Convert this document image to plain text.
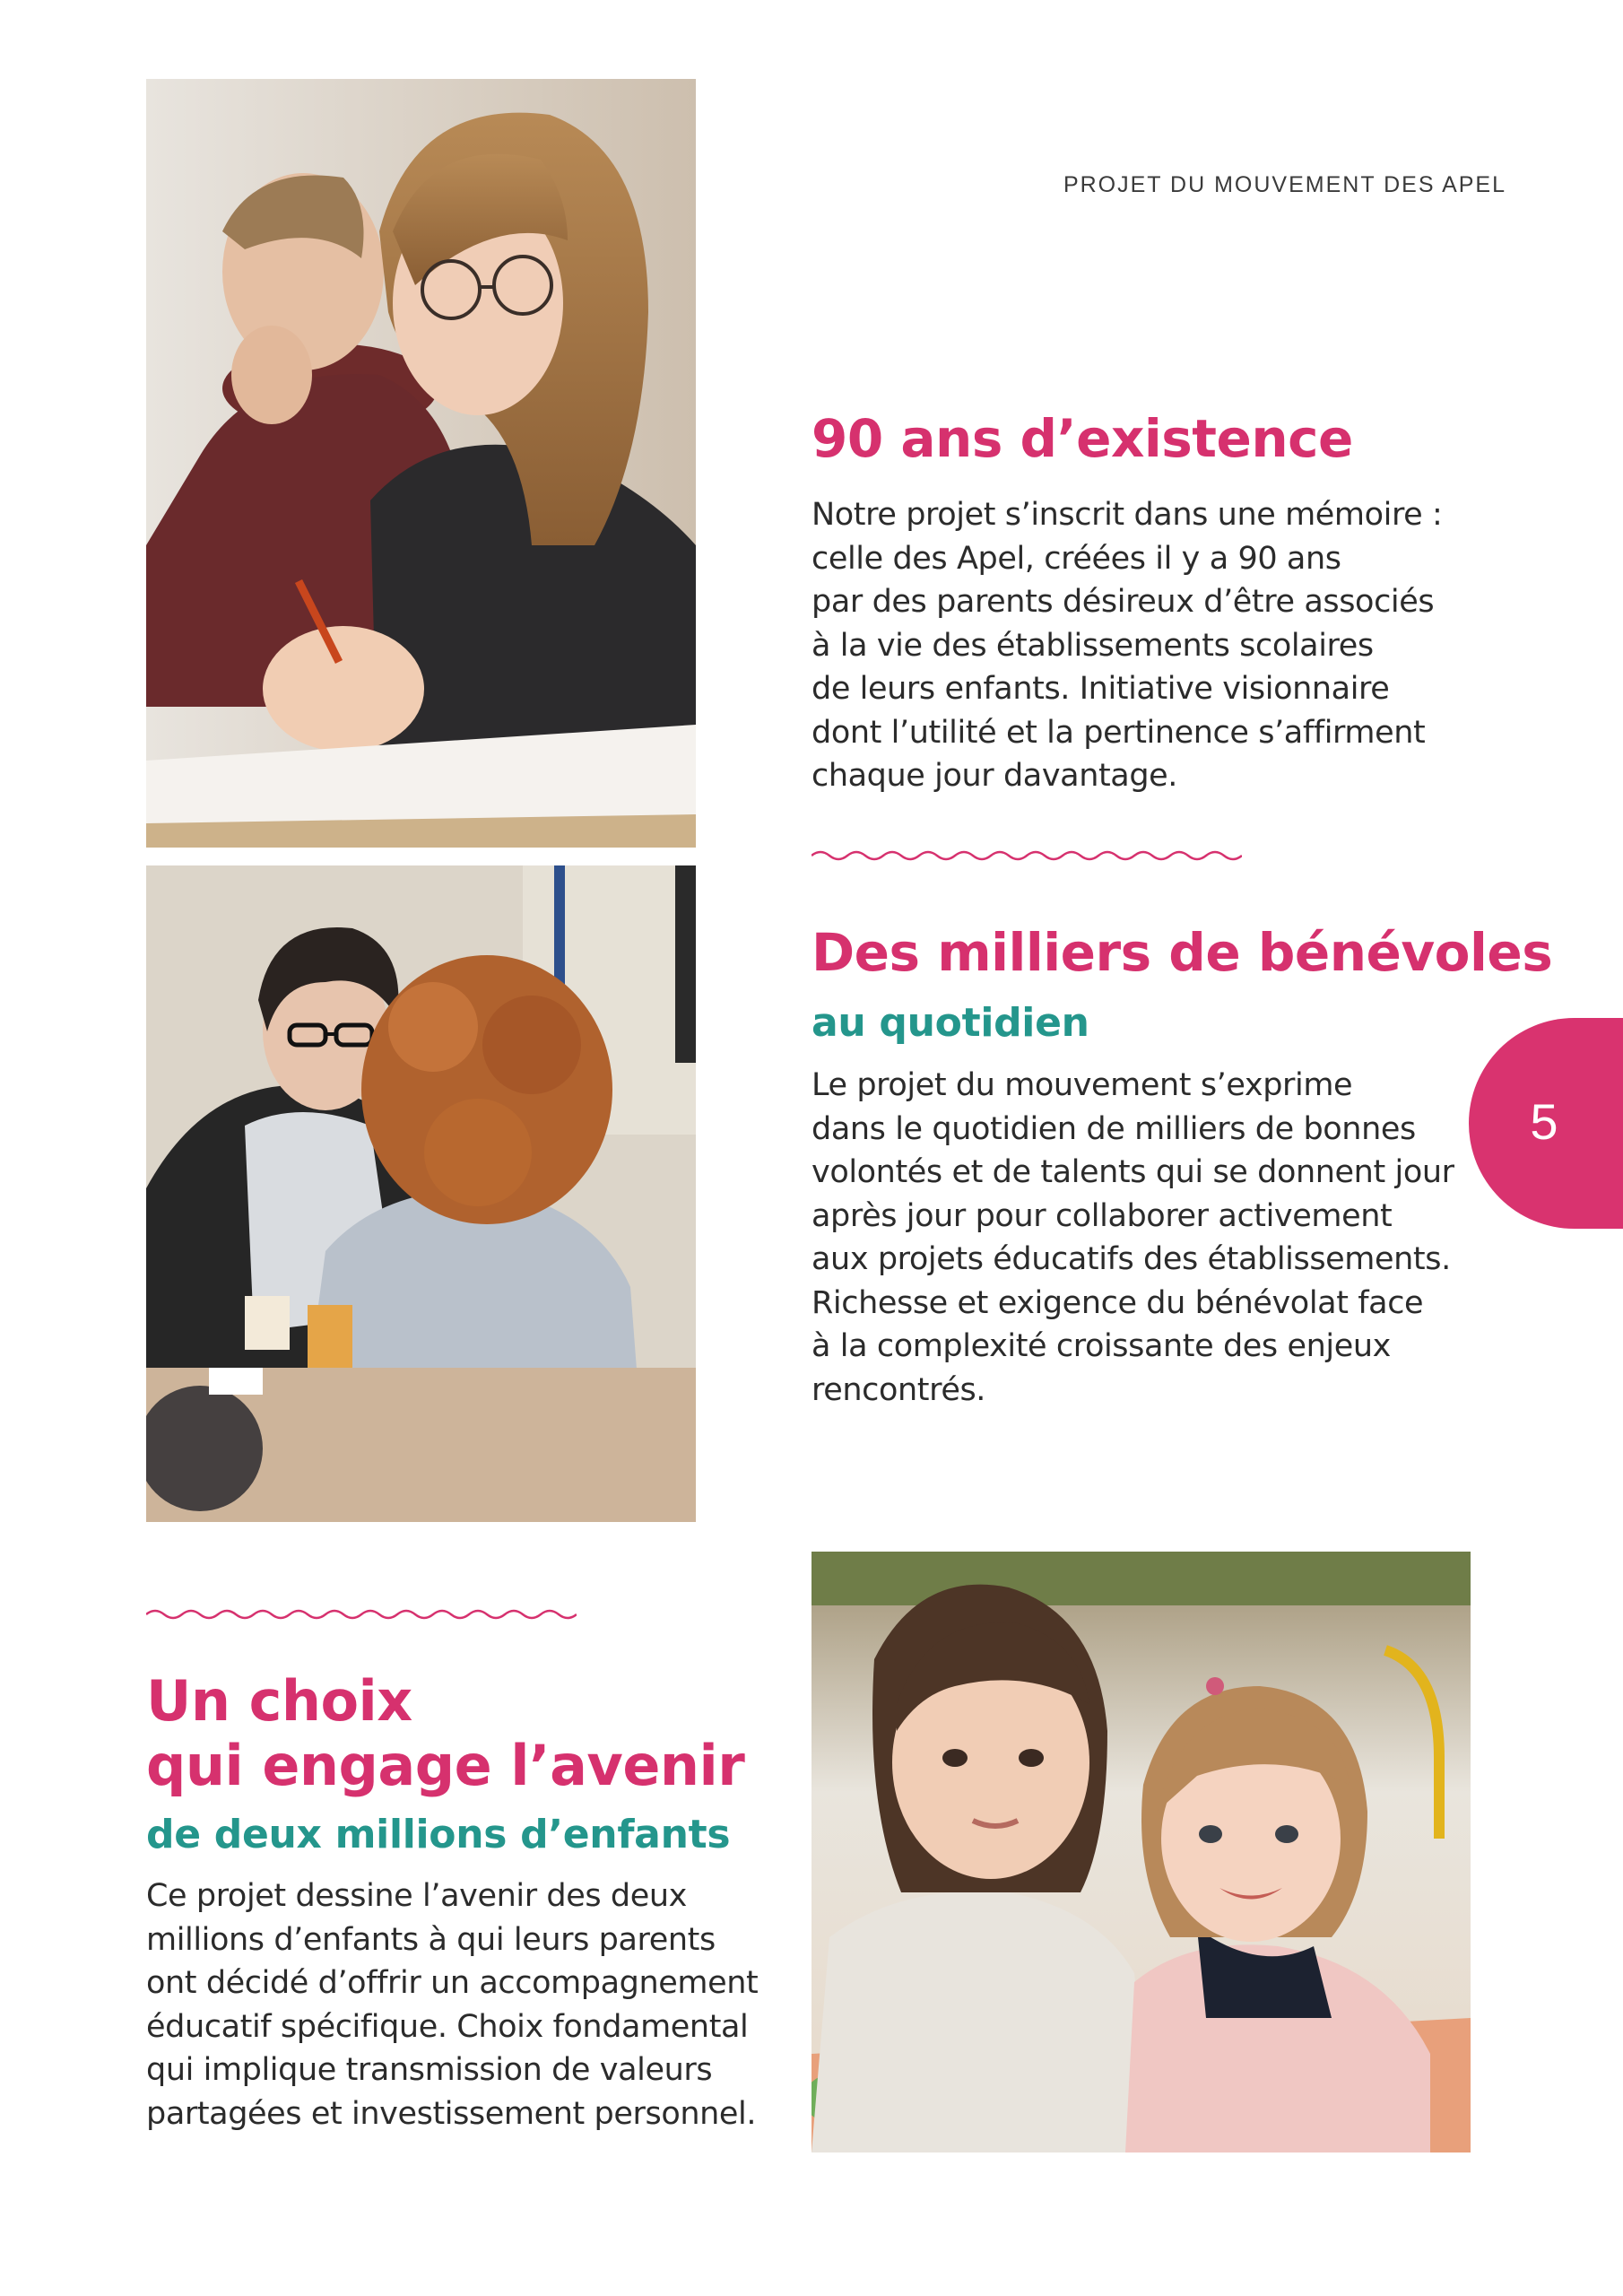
PROJET DU MOUVEMENT DES APEL
90 ans d’existence
Notre projet s’inscrit dans une mémoire :
celle des Apel, créées il y a 90 ans
par des parents désireux d’être associés
à la vie des établissements scolaires
de leurs enfants. Initiative visionnaire
dont l’utilité et la pertinence s’affirment
chaque jour davantage.
Des milliers de bénévoles
au quotidien
Le projet du mouvement s’exprime
dans le quotidien de milliers de bonnes
volontés et de talents qui se donnent jour
après jour pour collaborer activement
aux projets éducatifs des établissements.
Richesse et exigence du bénévolat face
à la complexité croissante des enjeux
rencontrés.
5
Un choix
qui engage l’avenir
de deux millions d’enfants
Ce projet dessine l’avenir des deux
millions d’enfants à qui leurs parents
ont décidé d’offrir un accompagnement
éducatif spécifique. Choix fondamental
qui implique transmission de valeurs
partagées et investissement personnel.
